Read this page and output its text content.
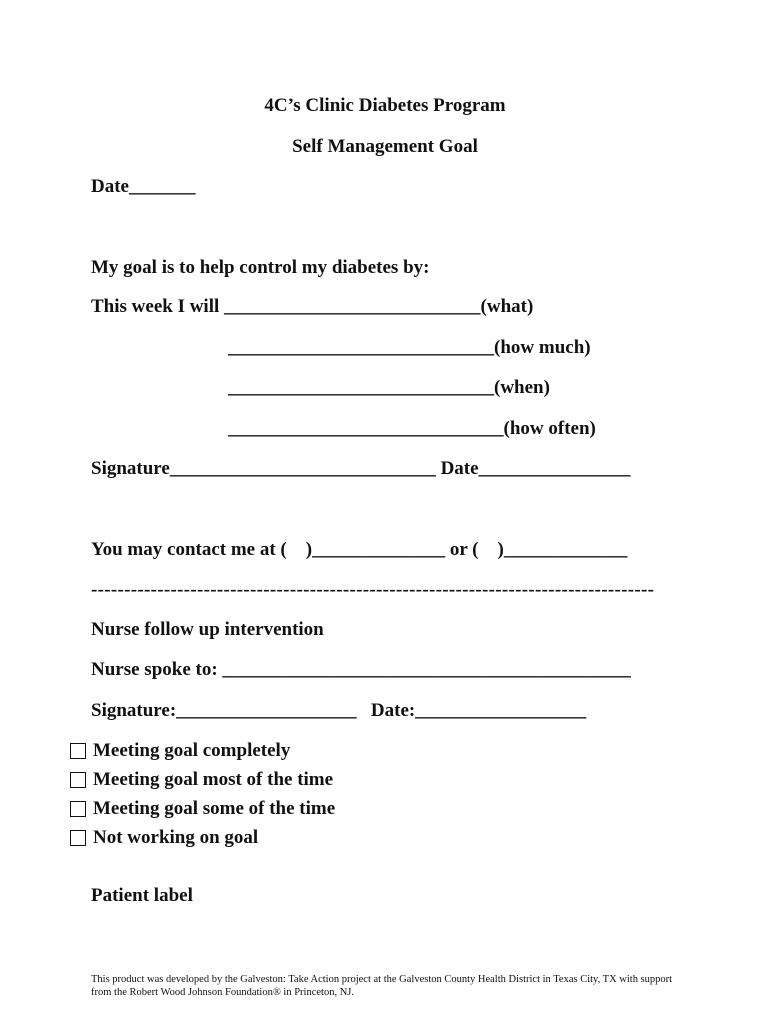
4C’s Clinic Diabetes Program
Self Management Goal
Date_______
My goal is to help control my diabetes by:
This week I will ___________________________(what)
____________________________(how much)
____________________________(when)
_____________________________(how often)
Signature____________________________ Date________________
You may contact me at (    )______________ or (    )_____________
-------------------------------------------------------------------------------------
Nurse follow up intervention
Nurse spoke to: ___________________________________________
Signature:___________________   Date:__________________
Meeting goal completely
Meeting goal most of the time
Meeting goal some of the time
Not working on goal
Patient label
This product was developed by the Galveston: Take Action project at the Galveston County Health District in Texas City, TX with support from the Robert Wood Johnson Foundation® in Princeton, NJ.
